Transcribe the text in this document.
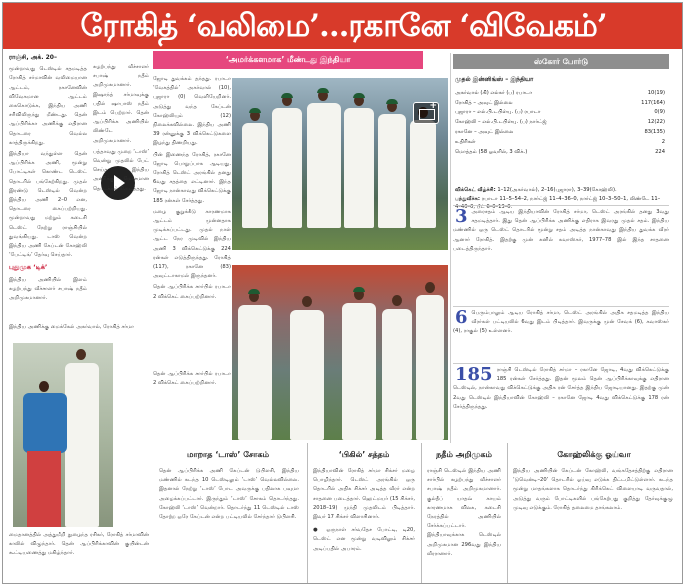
ரோகித் ‘வலிமை’...ரகானே ‘விவேகம்’
ராஞ்சி, அக். 20–

மூன்றாவது டெஸ்டில் சதமடித்த ரோகித் சர்மாவின் வலிமையான ஆட்டம், ரகானேவின் விவேகமான ஆட்டம் கைகொடுக்க, இந்திய அணி சரிவிலிருந்து மீண்டது. தென் ஆப்பிரிக்கா அணிக்கு எதிரான தொடரை வெல்ல காத்திருக்கிறது.

இந்தியா வந்துள்ள தென் ஆப்பிரிக்க அணி, மூன்று போட்டிகள் கொண்ட டெஸ்ட் தொடரில் பங்கேற்கிறது. முதல் இரண்டு டெஸ்டில் வென்ற இந்திய அணி 2–0 என, தொடரை கைப்பற்றியது. மூன்றாவது மற்றும் கடைசி டெஸ்ட் நேற்று ராஞ்சியில் துவங்கியது. டாஸ் வென்ற இந்திய அணி கேப்டன் கோஹ்லி ‘பேட்டிங்’ தேர்வு செய்தார்.

புதுமுக ‘டிக்’

இந்திய அணியில் இளம் சுழற்பந்து வீச்சாளர் சபாஷ் நதீம் அறிமுகமானார்.

சுழற்பந்து வீச்சாளர் சபாஷ் நதீம் அறிமுகமானார். இஷாந்த் சர்மாவுக்கு பதில் ஷாபாஸ் நதீம் இடம் பெற்றார். தென் ஆப்பிரிக்க அணியில் லிண்டே அறிமுகமானார்.

பத்தாவது முறை ‘டாஸ்’ வென்று முதலில் பேட் செய்த இந்திய அணிக்கு மோசமான தொடக்கம் கிடைத்தது.

‘அமர்க்களமாக’ மீண்டது இந்தியா

ஜோடி துவக்கம் தந்தது. ரபாடா ‘வேகத்தில்’ அகர்வால் (10), புஜாரா (0) வெளியேறினர். அடுத்து வந்த கேப்டன் கோஹ்லியும் (12) நிலைக்கவில்லை. இந்திய அணி 39 ரன்னுக்கு 3 விக்கெட்டுகளை இழந்து திணறியது.

பின் இணைந்த ரோகித், ரகானே ஜோடி பொறுப்பாக ஆடியது. ரோகித் டெஸ்ட் அரங்கில் தனது 6வது சதத்தை எட்டினார். இந்த ஜோடி நான்காவது விக்கெட்டுக்கு 185 ரன்கள் சேர்த்தது.

மழை குறுக்கீடு காரணமாக ஆட்டம் முன்னதாக முடிக்கப்பட்டது. முதல் நாள் ஆட்ட நேர முடிவில் இந்திய அணி 3 விக்கெட்டுக்கு 224 ரன்கள் எடுத்திருந்தது. ரோகித் (117), ரகானே (83) அவுட்டாகாமல் இருந்தனர்.

தென் ஆப்பிரிக்க சார்பில் ரபாடா 2 விக்கெட் கைப்பற்றினார்.

+
ஸ்கோர் போர்டு
முதல் இன்னிங்ஸ் – இந்தியா
அகர்வால் (கி) எல்கர் (ப) ரபாடா	10(19)
ரோகித் – அவுட் இல்லை	117(164)
புஜாரா – எல்.பி.டபிள்யு. (ப) ரபாடா	0(9)
கோஹ்லி – எல்.பி.டபிள்யு. (ப) நார்ட்ஜ்	12(22)
ரகானே – அவுட் இல்லை	83(135)
உதிரிகள்	2
மொத்தம் (58 ஓவரில், 3 விக்.)	224
விக்கெட் வீழ்ச்சி: 1–12(அகர்வால்), 2–16(புஜாரா), 3–39(கோஹ்லி).
பந்துவீச்சு: ரபாடா 11–5–54–2, நார்ட்ஜ் 11–4–36–0, நார்ட்ஜ் 10–3–50–1, லிண்டே 11–4–40–0, பீட் 6–0–13–0.
3 அரைசதம் ஆடிய இந்தியாவின் ரோகித் சர்மா, டெஸ்ட் அரங்கில் தனது 3வது சதமடித்தார். இது தென் ஆப்பிரிக்க அணிக்கு எதிராக இவரது முதல் சதம். இந்திய மண்ணில் ஒரு டெஸ்ட் தொடரில் மூன்று சதம் அடித்த நான்காவது இந்திய துவக்க வீரர் ஆனார் ரோகித். இதற்கு முன் சுனில் கவாஸ்கர், 1977–78 இல் இந்த சாதனை படைத்திருந்தார்.
6 பெரும்பாலும் ஆடிய ரோகித் சர்மா, டெஸ்ட் அரங்கில் அதிக சதமடித்த இந்திய வீரர்கள் பட்டியலில் 6வது இடம் பிடித்தார். இவருக்கு முன் சேவக் (6), கவாஸ்கர் (4), ராகுல் (5) உள்ளனர்.
185 ராஞ்சி டெஸ்டில் ரோகித் சர்மா – ரகானே ஜோடி, 4வது விக்கெட்டுக்கு 185 ரன்கள் சேர்த்தது. இதன் மூலம் தென் ஆப்பிரிக்காவுக்கு எதிரான டெஸ்டில், நான்காவது விக்கெட்டுக்கு அதிக ரன் சேர்த்த இந்திய ஜோடியானது. இதற்கு முன் 2வது டெஸ்டில் இந்தியாவின் கோஹ்லி – ரகானே ஜோடி 4வது விக்கெட்டுக்கு 178 ரன் சேர்த்திருந்தது.
இந்திய அணிக்கு மைக்கேல் அகர்வால், ரோகித் சர்மா
மைதானத்தில் அத்துமீறி நுழைந்த ரசிகர், ரோகித் சர்மாவின் காலில் விழுந்தார். தென் ஆப்பிரிக்காவின் குயின்டன் கூட்டியணைத்து மகிழ்ந்தார்.

தென் ஆப்பிரிக்க சார்பில் ரபாடா 2 விக்கெட் கைப்பற்றினார்.

மாறாத ‘டாஸ்’ சோகம்
தென் ஆப்பிரிக்க அணி கேப்டன் டுபிளசி, இந்திய மண்ணில் கடந்த 10 டெஸ்டிலும் ‘டாஸ்’ வெல்லவில்லை. இதனால் நேற்று ‘டாஸ்’ போட அவருக்கு பதிலாக பவுமா அழைக்கப்பட்டார். இருந்தும் ‘டாஸ்’ சோகம் தொடர்ந்தது. கோஹ்லி ‘டாஸ்’ வென்றார். தொடர்ந்து 11 டெஸ்டில் டாஸ் தோற்ற ஒரே கேப்டன் என்ற பட்டியலில் சேர்ந்தார் டுபிளசி.
‘பிகில்’ சத்தம்
இந்தியாவின் ரோகித் சர்மா சிக்சர் மழை பொழிந்தார். டெஸ்ட் அரங்கில் ஒரு தொடரில் அதிக சிக்சர் அடித்த வீரர் என்ற சாதனை படைத்தார். ஹெட்மயர் (15 சிக்சர், 2018–19) முந்தி முதலிடம் பிடித்தார். இவர் 17 சிக்சர் விளாசினார்.
● ஒருநாள் சர்வதேச போட்டி, டி20, டெஸ்ட் என மூன்று வடிவிலும் சிக்சர் அடிப்பதில் அபாரம்.
நதீம் அறிமுகம்
ராஞ்சி டெஸ்டில் இந்திய அணி சார்பில் சுழற்பந்து வீச்சாளர் சபாஷ் நதீம் அறிமுகமானார். குல்தீப் யாதவ் காயம் காரணமாக விலக, கடைசி நேரத்தில் அணியில் சேர்க்கப்பட்டார். இந்தியாவுக்காக டெஸ்டில் அறிமுகமான 296வது இந்திய வீரரானார்.
கோஹ்லிக்கு ஓய்வா
இந்திய அணியின் கேப்டன் கோஹ்லி, வங்கதேசத்திற்கு எதிரான ‘டுவென்டி–20’ தொடரில் ஓய்வு எடுக்க திட்டமிட்டுள்ளார். கடந்த மூன்று மாதங்களாக தொடர்ந்து கிரிக்கெட் விளையாடி வருவதால், அடுத்து வரும் போட்டிகளில் பங்கேற்பது குறித்து தேர்வுக்குழு முடிவு எடுக்கும். ரோகித் தலைமை தாங்கலாம்.
